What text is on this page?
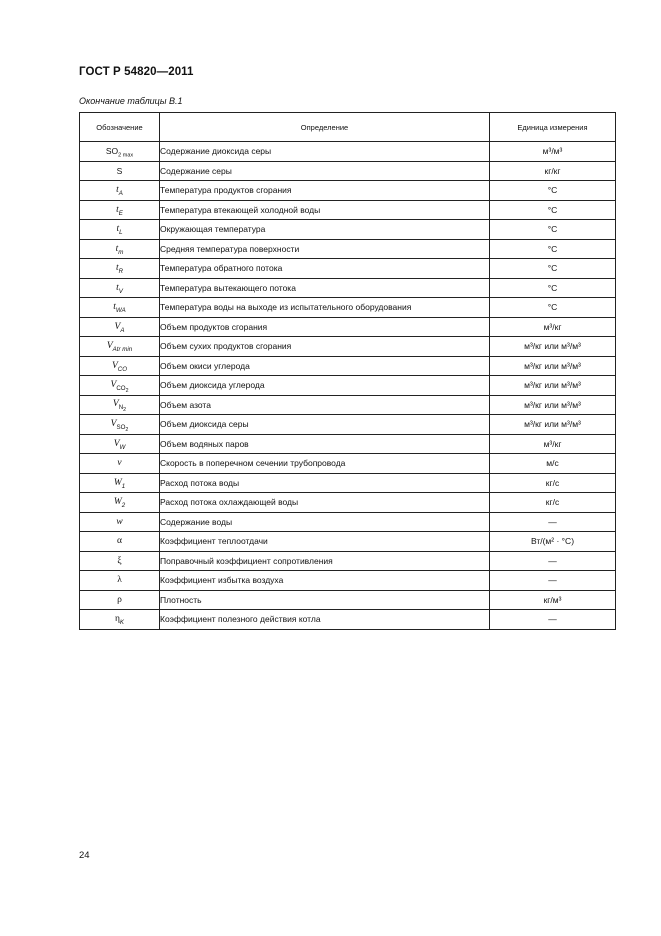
ГОСТ Р 54820—2011
Окончание таблицы В.1
Обозначение	Определение	Единица измерения
$SO_{2 max}$	Содержание диоксида серы	м³/м³
S	Содержание серы	кг/кг
$t_A$	Температура продуктов сгорания	°С
$t_E$	Температура втекающей холодной воды	°С
$t_L$	Окружающая температура	°С
$t_m$	Средняя температура поверхности	°С
$t_R$	Температура обратного потока	°С
$t_V$	Температура вытекающего потока	°С
$t_{WA}$	Температура воды на выходе из испытательного оборудования	°С
$V_A$	Объем продуктов сгорания	м³/кг
$V_{Atr min}$	Объем сухих продуктов сгорания	м³/кг или м³/м³
$V_{CO}$	Объем окиси углерода	м³/кг или м³/м³
$V_{CO_2}$	Объем диоксида углерода	м³/кг или м³/м³
$V_{N_2}$	Объем азота	м³/кг или м³/м³
$V_{SO_2}$	Объем диоксида серы	м³/кг или м³/м³
$V_W$	Объем водяных паров	м³/кг
v	Скорость в поперечном сечении трубопровода	м/с
$W_1$	Расход потока воды	кг/с
$W_2$	Расход потока охлаждающей воды	кг/с
w	Содержание воды	—
α	Коэффициент теплоотдачи	Вт/(м² · °С)
ξ	Поправочный коэффициент сопротивления	—
λ	Коэффициент избытка воздуха	—
ρ	Плотность	кг/м³
$\eta_K$	Коэффициент полезного действия котла	—
24
